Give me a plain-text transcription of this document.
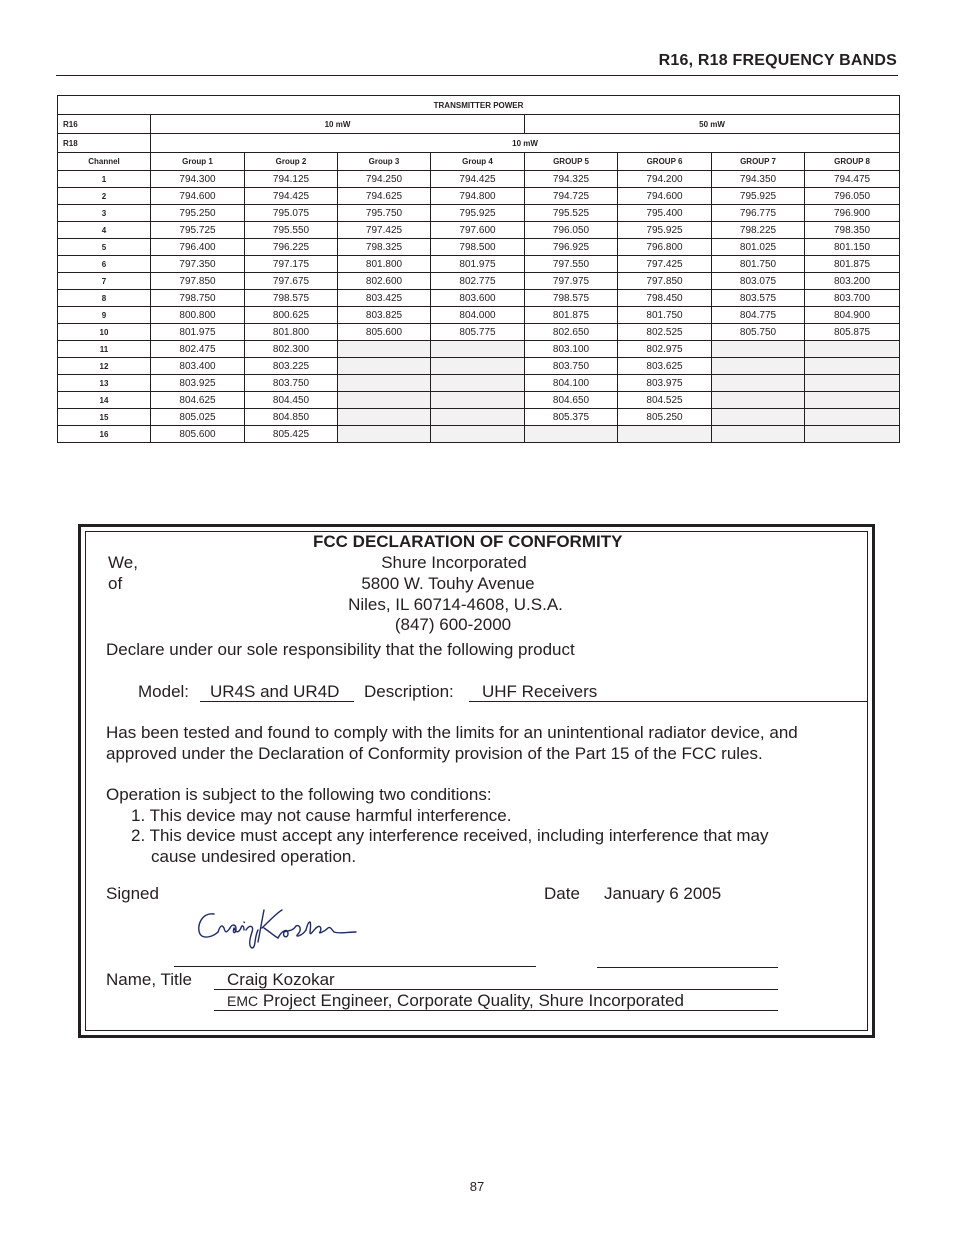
R16, R18 FREQUENCY BANDS
TRANSMITTER POWER								
R16	10 mW				50 mW			
R18	10 mW							
Channel	Group 1	Group 2	Group 3	Group 4	GROUP 5	GROUP 6	GROUP 7	GROUP 8
1	794.300	794.125	794.250	794.425	794.325	794.200	794.350	794.475
2	794.600	794.425	794.625	794.800	794.725	794.600	795.925	796.050
3	795.250	795.075	795.750	795.925	795.525	795.400	796.775	796.900
4	795.725	795.550	797.425	797.600	796.050	795.925	798.225	798.350
5	796.400	796.225	798.325	798.500	796.925	796.800	801.025	801.150
6	797.350	797.175	801.800	801.975	797.550	797.425	801.750	801.875
7	797.850	797.675	802.600	802.775	797.975	797.850	803.075	803.200
8	798.750	798.575	803.425	803.600	798.575	798.450	803.575	803.700
9	800.800	800.625	803.825	804.000	801.875	801.750	804.775	804.900
10	801.975	801.800	805.600	805.775	802.650	802.525	805.750	805.875
11	802.475	802.300			803.100	802.975		
12	803.400	803.225			803.750	803.625		
13	803.925	803.750			804.100	803.975		
14	804.625	804.450			804.650	804.525		
15	805.025	804.850			805.375	805.250		
16	805.600	805.425						
FCC DECLARATION OF CONFORMITY
We,
of
Shure Incorporated
5800 W. Touhy Avenue
Niles, IL 60714-4608, U.S.A.
(847) 600-2000
Declare under our sole responsibility that the following product
Model: UR4S and UR4D Description: UHF Receivers
Has been tested and found to comply with the limits for an unintentional radiator device, and
approved under the Declaration of Conformity provision of the Part 15 of the FCC rules.
Operation is subject to the following two conditions:
1. This device may not cause harmful interference.
2. This device must accept any interference received, including interference that may
cause undesired operation.
Signed	Date January 6 2005
Name, Title Craig Kozokar
EMC Project Engineer, Corporate Quality, Shure Incorporated
87
